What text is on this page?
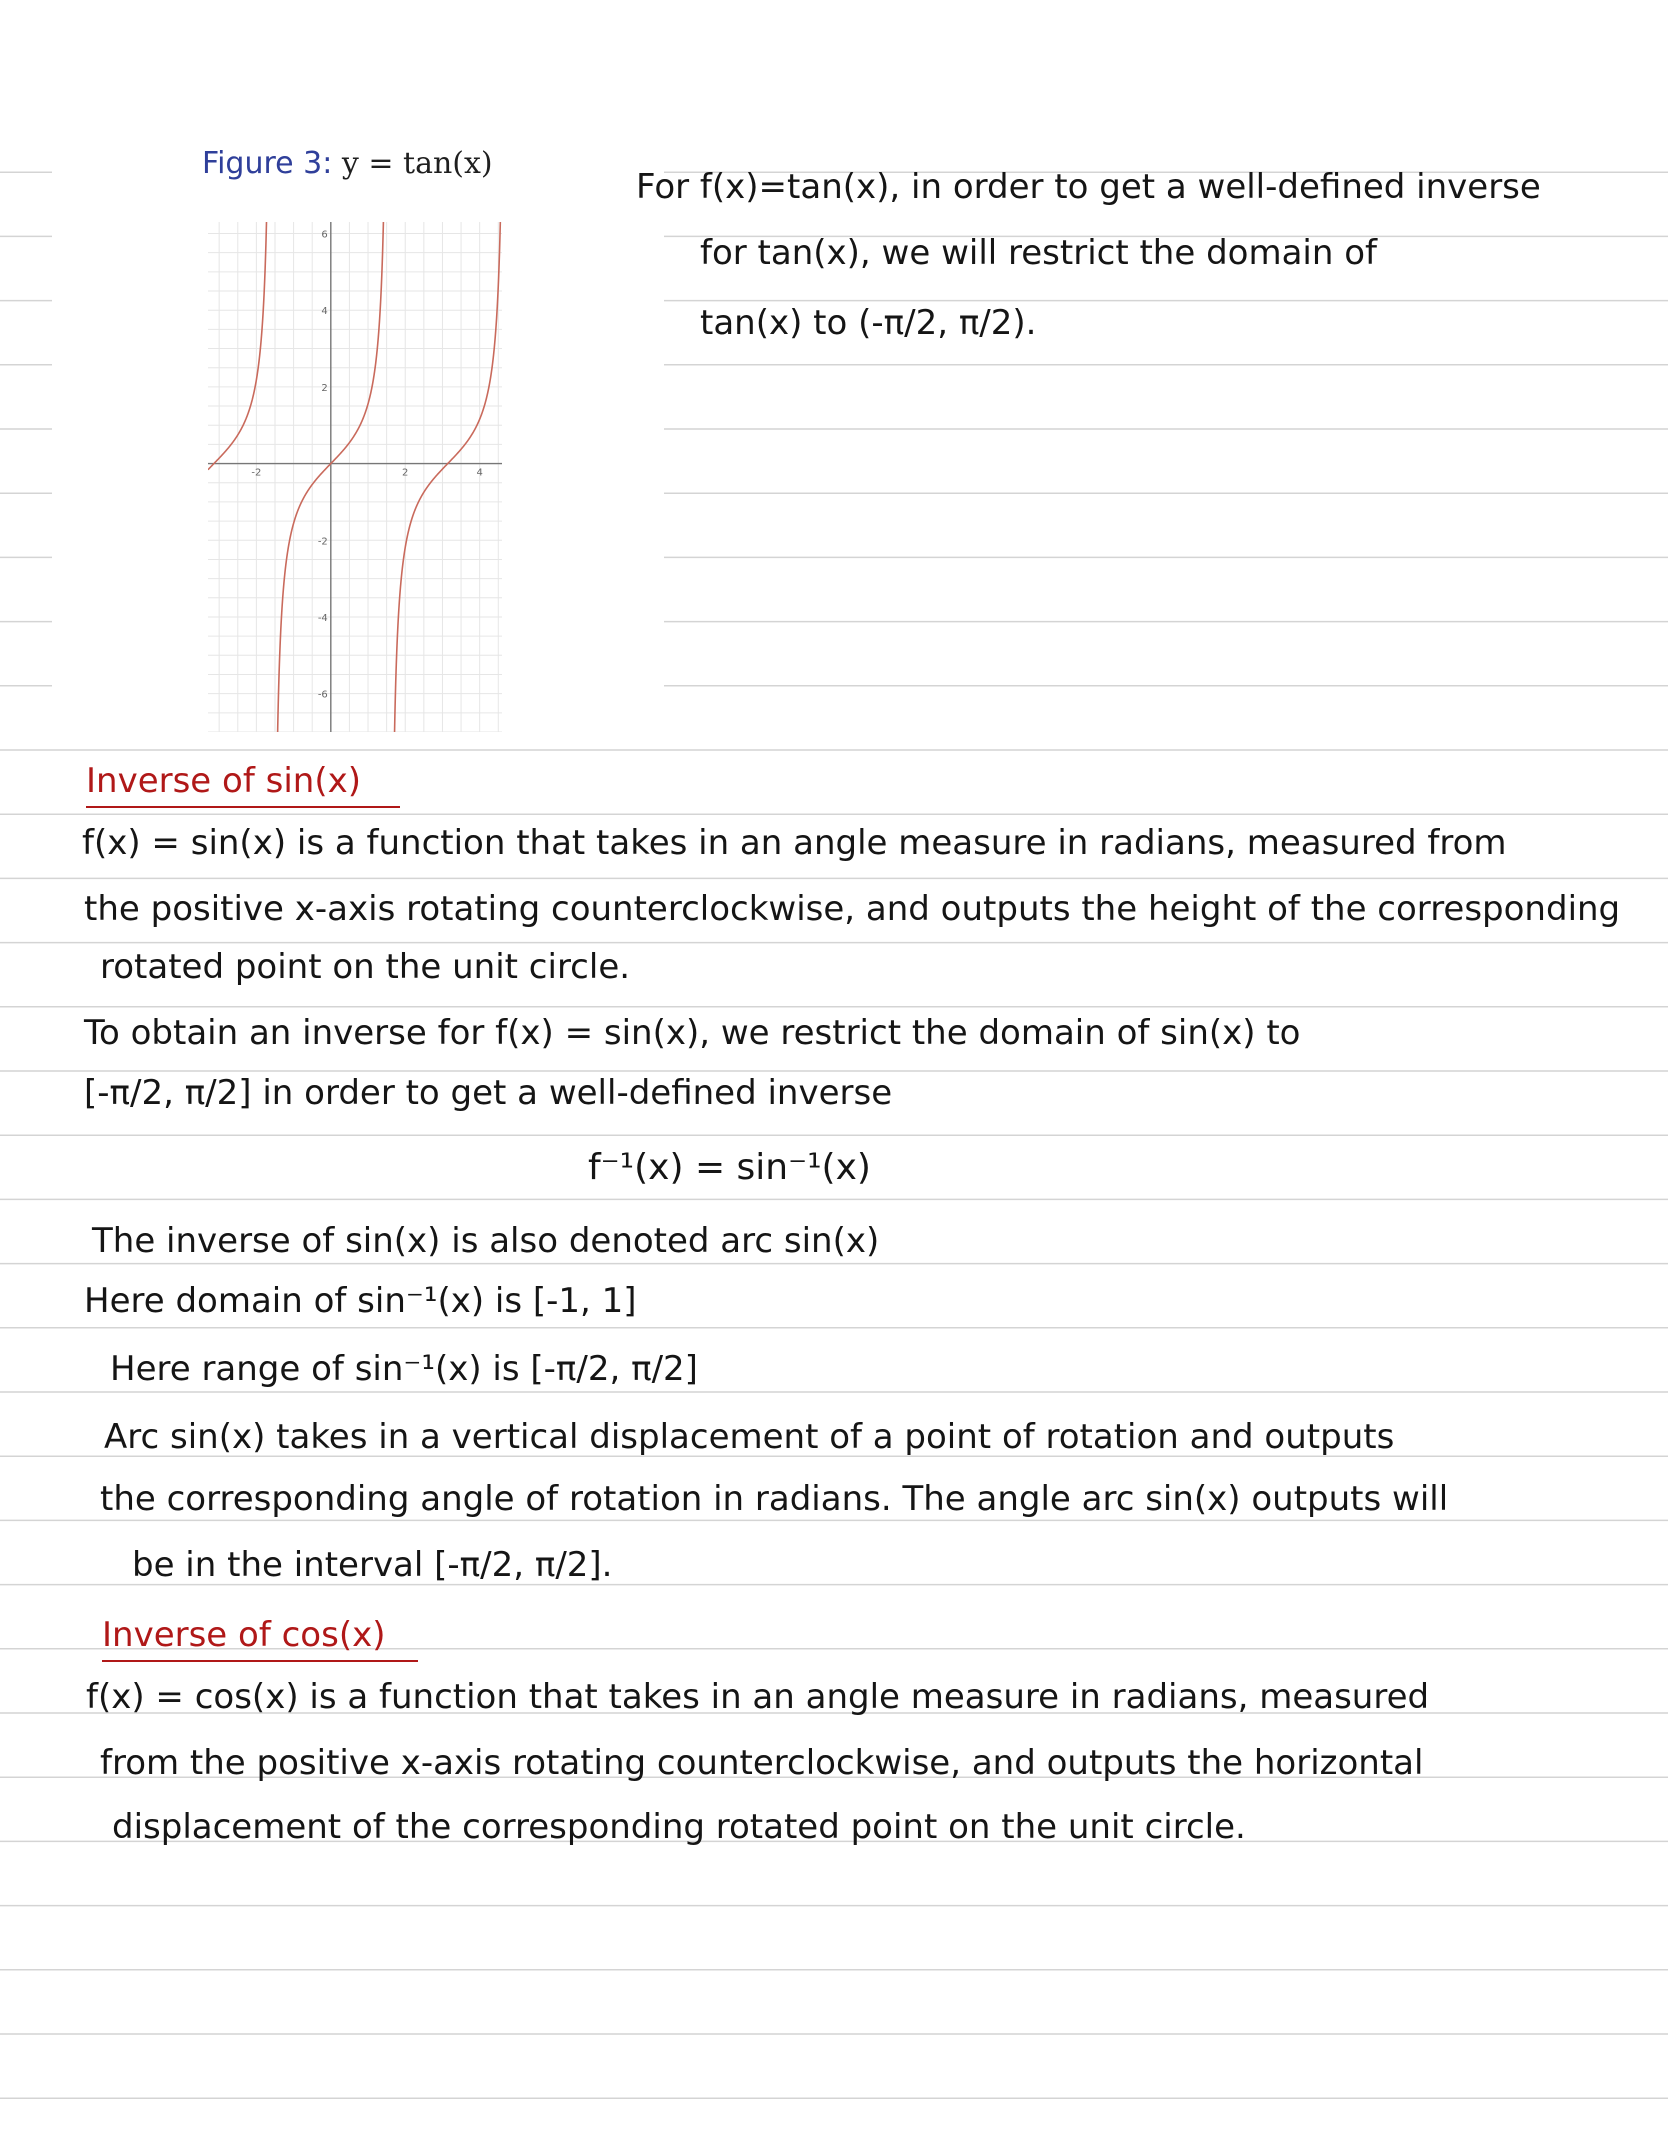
Figure 3: y = tan(x)
-2	2	4
6
4
2
-2
-4
-6
For f(x)=tan(x), in order to get a well-defined inverse
for tan(x), we will restrict the domain of
tan(x) to (-π/2, π/2).
Inverse of sin(x)
f(x) = sin(x) is a function that takes in an angle measure in radians, measured from
the positive x-axis rotating counterclockwise, and outputs the height of the corresponding
rotated point on the unit circle.
To obtain an inverse for f(x) = sin(x), we restrict the domain of sin(x) to
[-π/2, π/2] in order to get a well-defined inverse
f⁻¹(x) = sin⁻¹(x)
The inverse of sin(x) is also denoted arc sin(x)
Here domain of sin⁻¹(x) is [-1, 1]
Here range of sin⁻¹(x) is [-π/2, π/2]
Arc sin(x) takes in a vertical displacement of a point of rotation and outputs
the corresponding angle of rotation in radians. The angle arc sin(x) outputs will
be in the interval [-π/2, π/2].
Inverse of cos(x)
f(x) = cos(x) is a function that takes in an angle measure in radians, measured
from the positive x-axis rotating counterclockwise, and outputs the horizontal
displacement of the corresponding rotated point on the unit circle.
